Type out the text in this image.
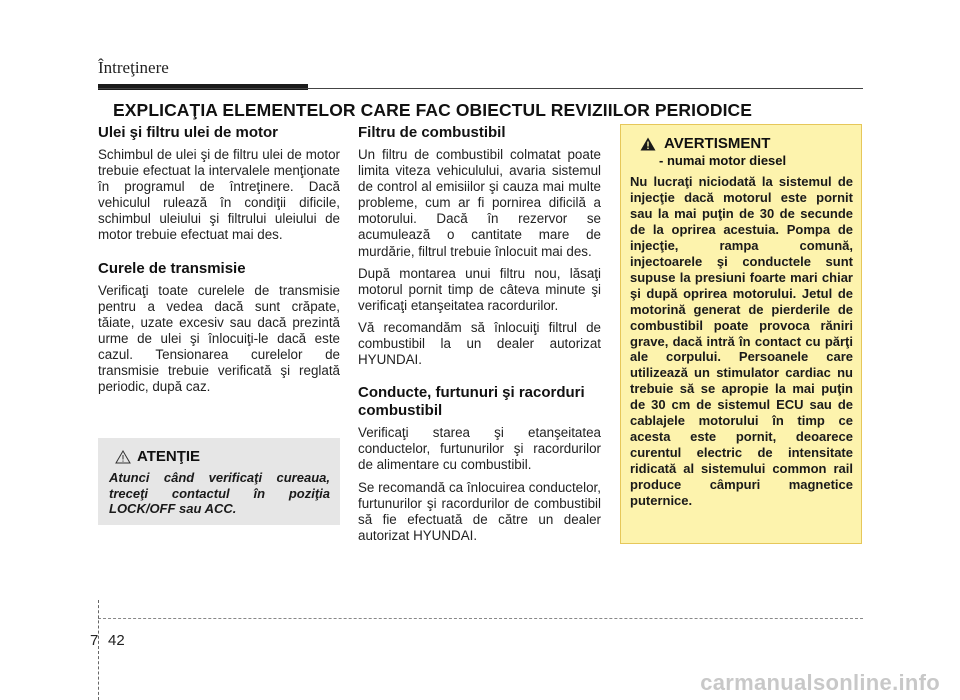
Întreţinere
EXPLICAŢIA ELEMENTELOR CARE FAC OBIECTUL REVIZIILOR PERIODICE
Ulei şi filtru ulei de motor

Schimbul de ulei şi de filtru ulei de motor trebuie efectuat la intervalele menţionate în programul de întreţinere. Dacă vehiculul rulează în condiţii dificile, schimbul uleiului şi filtrului uleiului de motor trebuie efectuat mai des.

Curele de transmisie

Verificaţi toate curelele de transmisie pentru a vedea dacă sunt crăpate, tăiate, uzate excesiv sau dacă prezintă urme de ulei şi înlocuiţi-le dacă este cazul. Tensionarea curelelor de transmisie trebuie verificată şi reglată periodic, după caz.

ATENŢIE
Atunci când verificaţi cureaua, treceţi contactul în poziţia LOCK/OFF sau ACC.
Filtru de combustibil

Un filtru de combustibil colmatat poate limita viteza vehiculului, avaria sistemul de control al emisiilor şi cauza mai multe probleme, cum ar fi pornirea dificilă a motorului. Dacă în rezervor se acumulează o cantitate mare de murdărie, filtrul trebuie înlocuit mai des.

După montarea unui filtru nou, lăsaţi motorul pornit timp de câteva minute şi verificaţi etanşeitatea racordurilor.

Vă recomandăm să înlocuiţi filtrul de combustibil la un dealer autorizat HYUNDAI.

Conducte, furtunuri şi racorduri combustibil

Verificaţi starea şi etanşeitatea conductelor, furtunurilor şi racordurilor de alimentare cu combustibil.

Se recomandă ca înlocuirea conductelor, furtunurilor şi racordurilor de combustibil să fie efectuată de către un dealer autorizat HYUNDAI.

AVERTISMENT
- numai motor diesel
Nu lucraţi niciodată la sistemul de injecţie dacă motorul este pornit sau la mai puţin de 30 de secunde de la oprirea acestuia. Pompa de injecţie, rampa comună, injectoarele şi conductele sunt supuse la presiuni foarte mari chiar şi după oprirea motorului. Jetul de motorină generat de pierderile de combustibil poate provoca răniri grave, dacă intră în contact cu părţi ale corpului. Persoanele care utilizează un stimulator cardiac nu trebuie să se apropie la mai puţin de 30 cm de sistemul ECU sau de cablajele motorului în timp ce acesta este pornit, deoarece curentul electric de intensitate ridicată al sistemului common rail produce câmpuri magnetice puternice.
7 42
carmanualsonline.info
